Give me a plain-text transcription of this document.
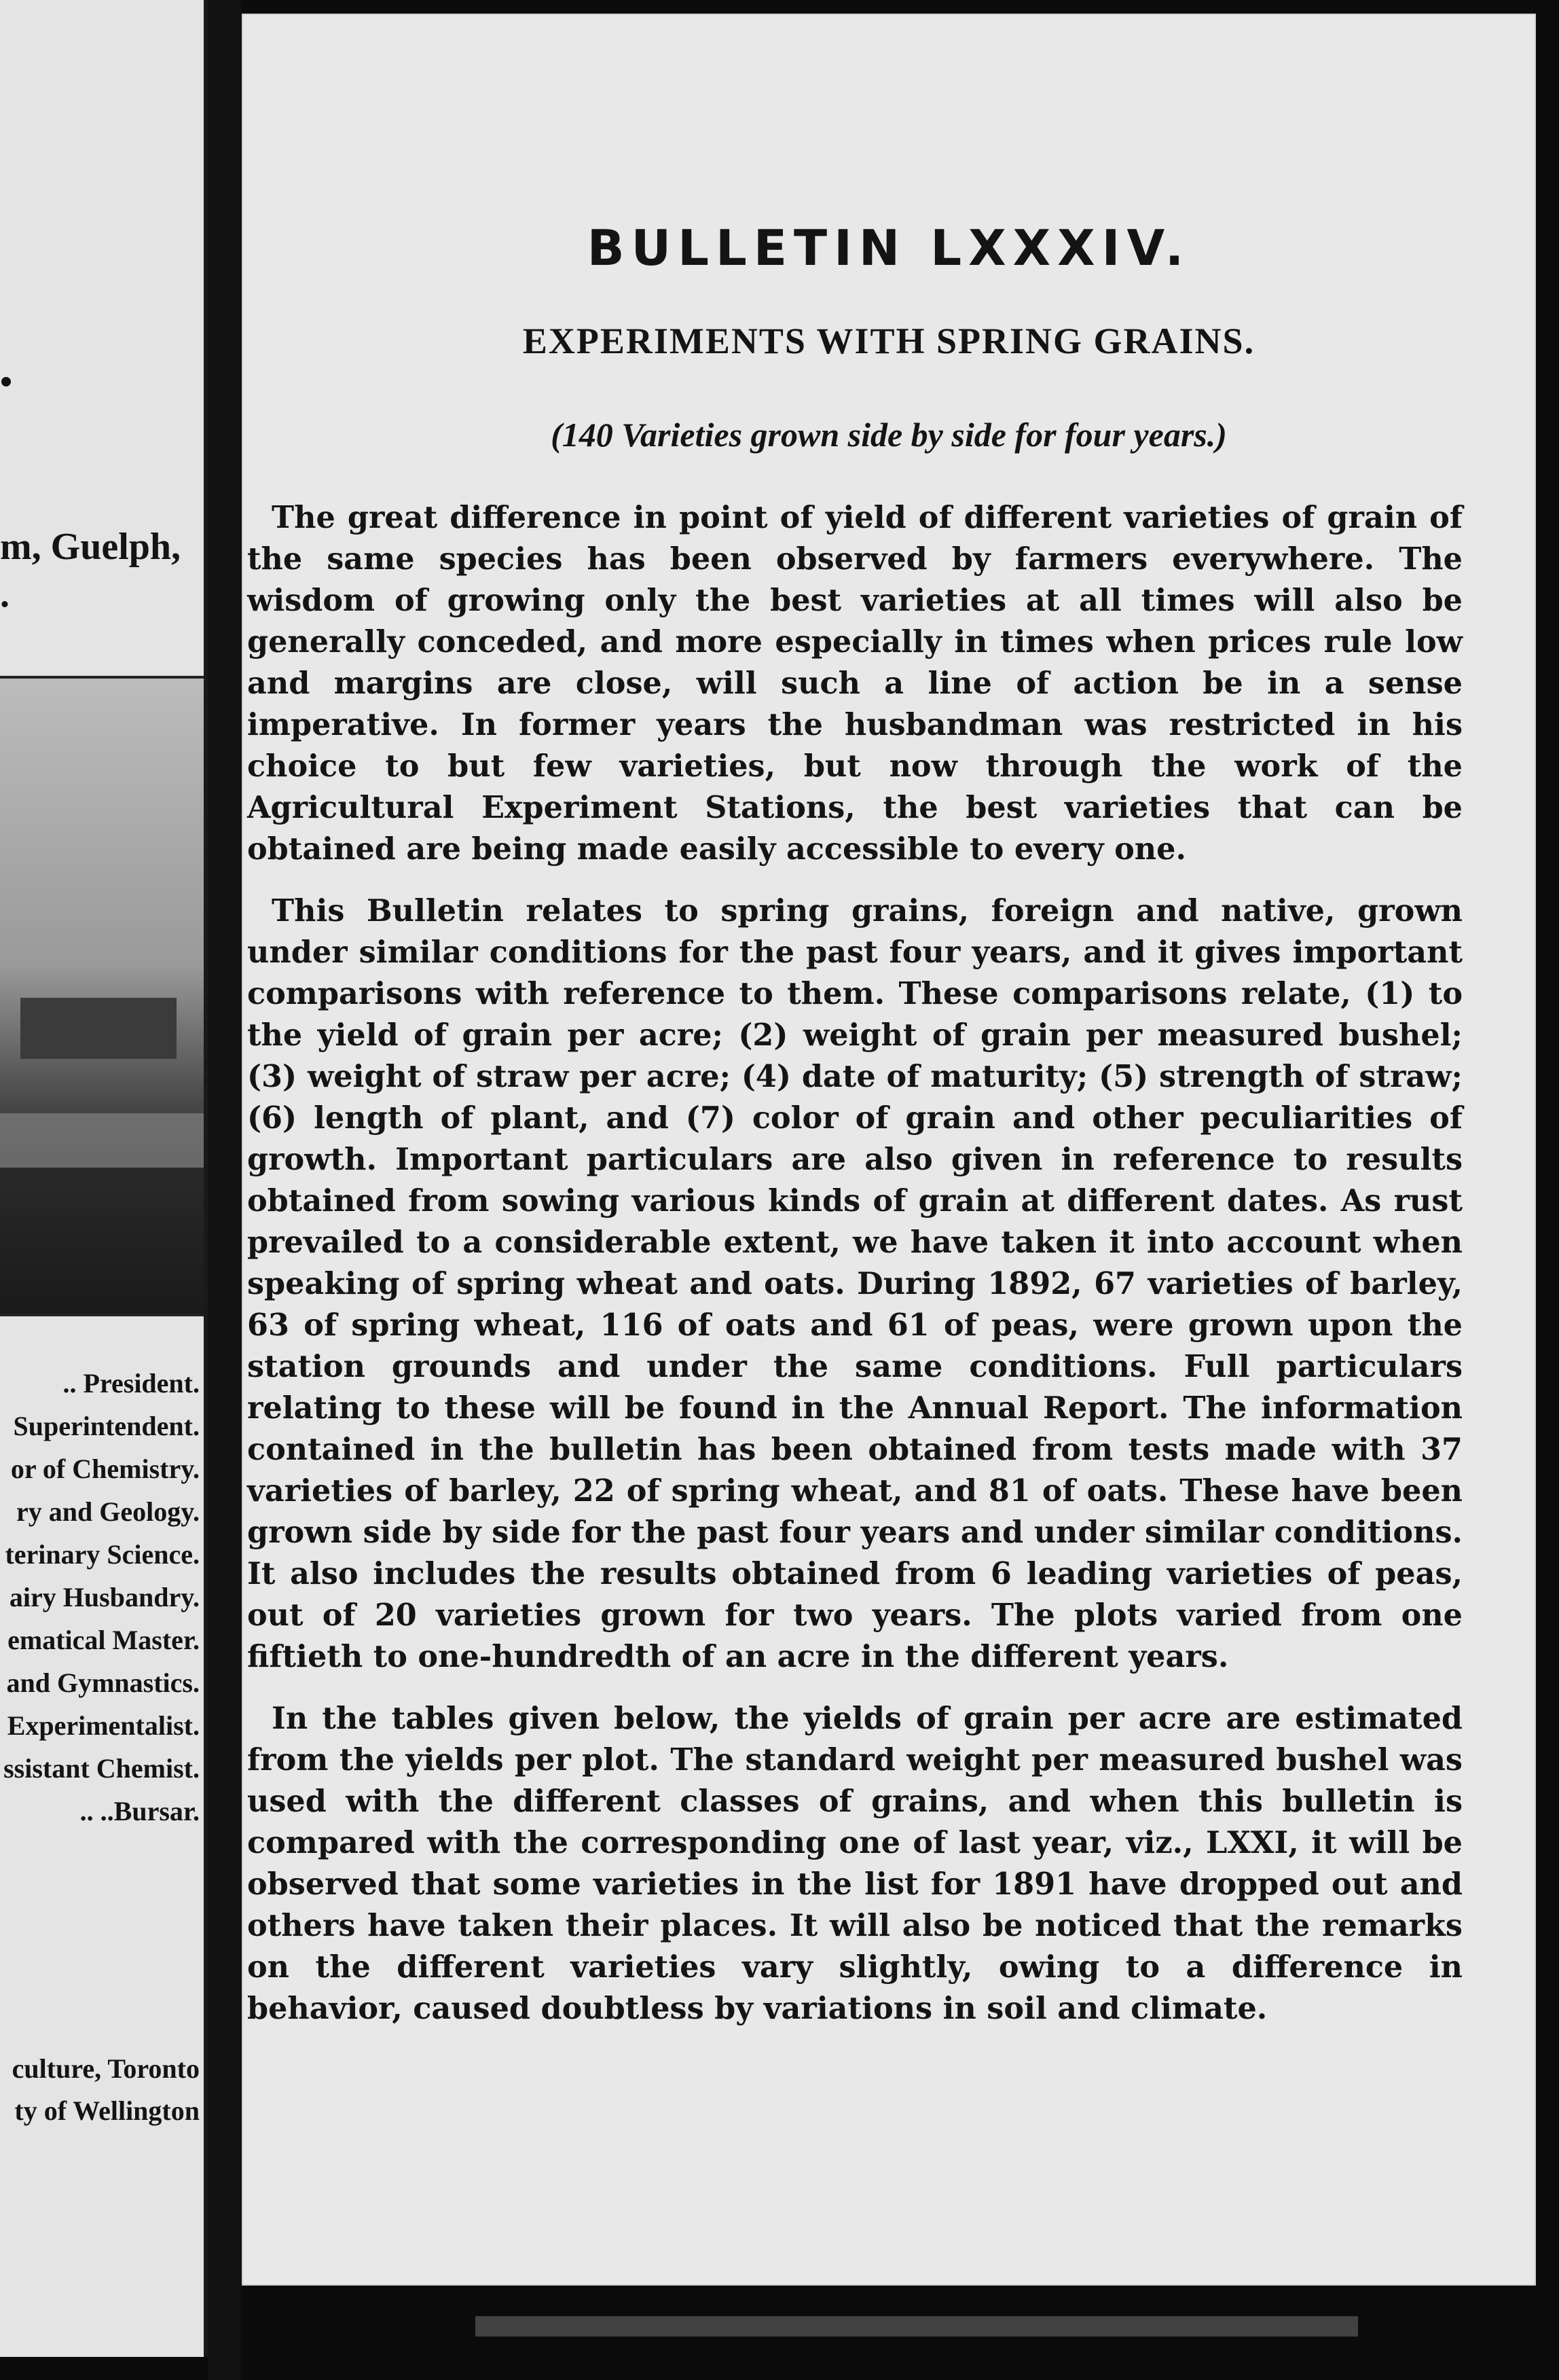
m, Guelph,
.
.. President.
Superintendent.
or of Chemistry.
ry and Geology.
terinary Science.
airy Husbandry.
ematical Master.
and Gymnastics.
Experimentalist.
ssistant Chemist.
.. ..Bursar.
culture, Toronto
ty of Wellington
BULLETIN LXXXIV.
EXPERIMENTS WITH SPRING GRAINS.
(140 Varieties grown side by side for four years.)

The great difference in point of yield of different varieties of grain of the same species has been observed by farmers everywhere. The wisdom of growing only the best varieties at all times will also be generally conceded, and more especially in times when prices rule low and margins are close, will such a line of action be in a sense imperative. In former years the husbandman was restricted in his choice to but few varieties, but now through the work of the Agricultural Experiment Stations, the best varieties that can be obtained are being made easily accessible to every one.

This Bulletin relates to spring grains, foreign and native, grown under similar conditions for the past four years, and it gives important comparisons with reference to them. These comparisons relate, (1) to the yield of grain per acre; (2) weight of grain per measured bushel; (3) weight of straw per acre; (4) date of maturity; (5) strength of straw; (6) length of plant, and (7) color of grain and other peculiarities of growth. Important particulars are also given in reference to results obtained from sowing various kinds of grain at different dates. As rust prevailed to a considerable extent, we have taken it into account when speaking of spring wheat and oats. During 1892, 67 varieties of barley, 63 of spring wheat, 116 of oats and 61 of peas, were grown upon the station grounds and under the same conditions. Full particulars relating to these will be found in the Annual Report. The information contained in the bulletin has been obtained from tests made with 37 varieties of barley, 22 of spring wheat, and 81 of oats. These have been grown side by side for the past four years and under similar conditions. It also includes the results obtained from 6 leading varieties of peas, out of 20 varieties grown for two years. The plots varied from one fiftieth to one-hundredth of an acre in the different years.

In the tables given below, the yields of grain per acre are estimated from the yields per plot. The standard weight per measured bushel was used with the different classes of grains, and when this bulletin is compared with the corresponding one of last year, viz., LXXI, it will be observed that some varieties in the list for 1891 have dropped out and others have taken their places. It will also be noticed that the remarks on the different varieties vary slightly, owing to a difference in behavior, caused doubtless by variations in soil and climate.
